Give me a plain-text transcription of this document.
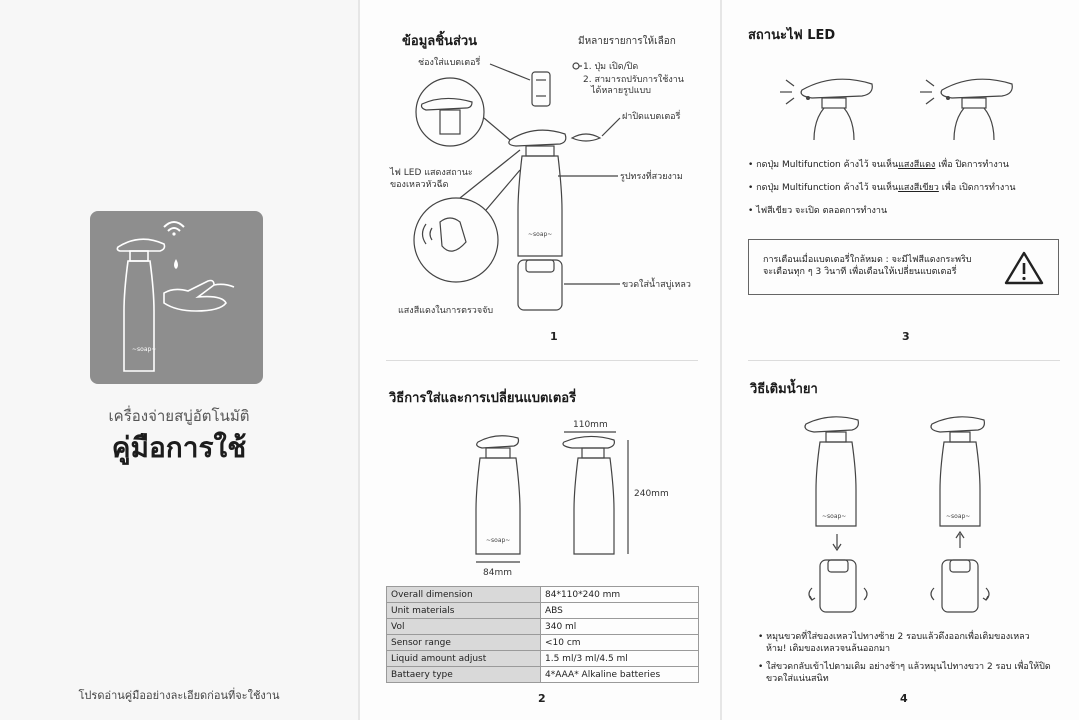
~soap~
เครื่องจ่ายสบู่อัตโนมัติ
คู่มือการใช้
โปรดอ่านคู่มืออย่างละเอียดก่อนที่จะใช้งาน
ข้อมูลชิ้นส่วน	มีหลายรายการให้เลือก
ช่องใส่แบตเตอรี่	1. ปุ่ม เปิด/ปิด
2. สามารถปรับการใช้งาน
ได้หลายรูปแบบ
ฝาปิดแบตเตอรี่
ไฟ LED แสดงสถานะ
ของเหลวหัวฉีด
รูปทรงที่สวยงาม
ขวดใส่น้ำสบู่เหลว
แสงสีแดงในการตรวจจับ
1
~soap~
วิธีการใส่และการเปลี่ยนแบตเตอรี่
110mm
240mm
84mm
~soap~
Overall dimension	84*110*240 mm
Unit materials	ABS
Vol	340 ml
Sensor range	<10 cm
Liquid amount adjust	1.5 ml/3 ml/4.5 ml
Battaery type	4*AAA* Alkaline batteries
2
สถานะไฟ LED
• กดปุ่ม Multifunction ค้างไว้ จนเห็นแสงสีแดง เพื่อ ปิดการทำงาน
• กดปุ่ม Multifunction ค้างไว้ จนเห็นแสงสีเขียว เพื่อ เปิดการทำงาน
• ไฟสีเขียว จะเปิด ตลอดการทำงาน
การเตือนเมื่อแบตเตอรี่ใกล้หมด : จะมีไฟสีแดงกระพริบ
จะเตือนทุก ๆ 3 วินาที เพื่อเตือนให้เปลี่ยนแบตเตอรี่
3
วิธีเติมน้ำยา
~soap~	~soap~
• หมุนขวดที่ใส่ของเหลวไปทางซ้าย 2 รอบแล้วดึงออกเพื่อเติมของเหลว
ห้าม! เติมของเหลวจนล้นออกมา
• ใส่ขวดกลับเข้าไปตามเดิม อย่างช้าๆ แล้วหมุนไปทางขวา 2 รอบ เพื่อให้ปิด
ขวดใส่แน่นสนิท
4
